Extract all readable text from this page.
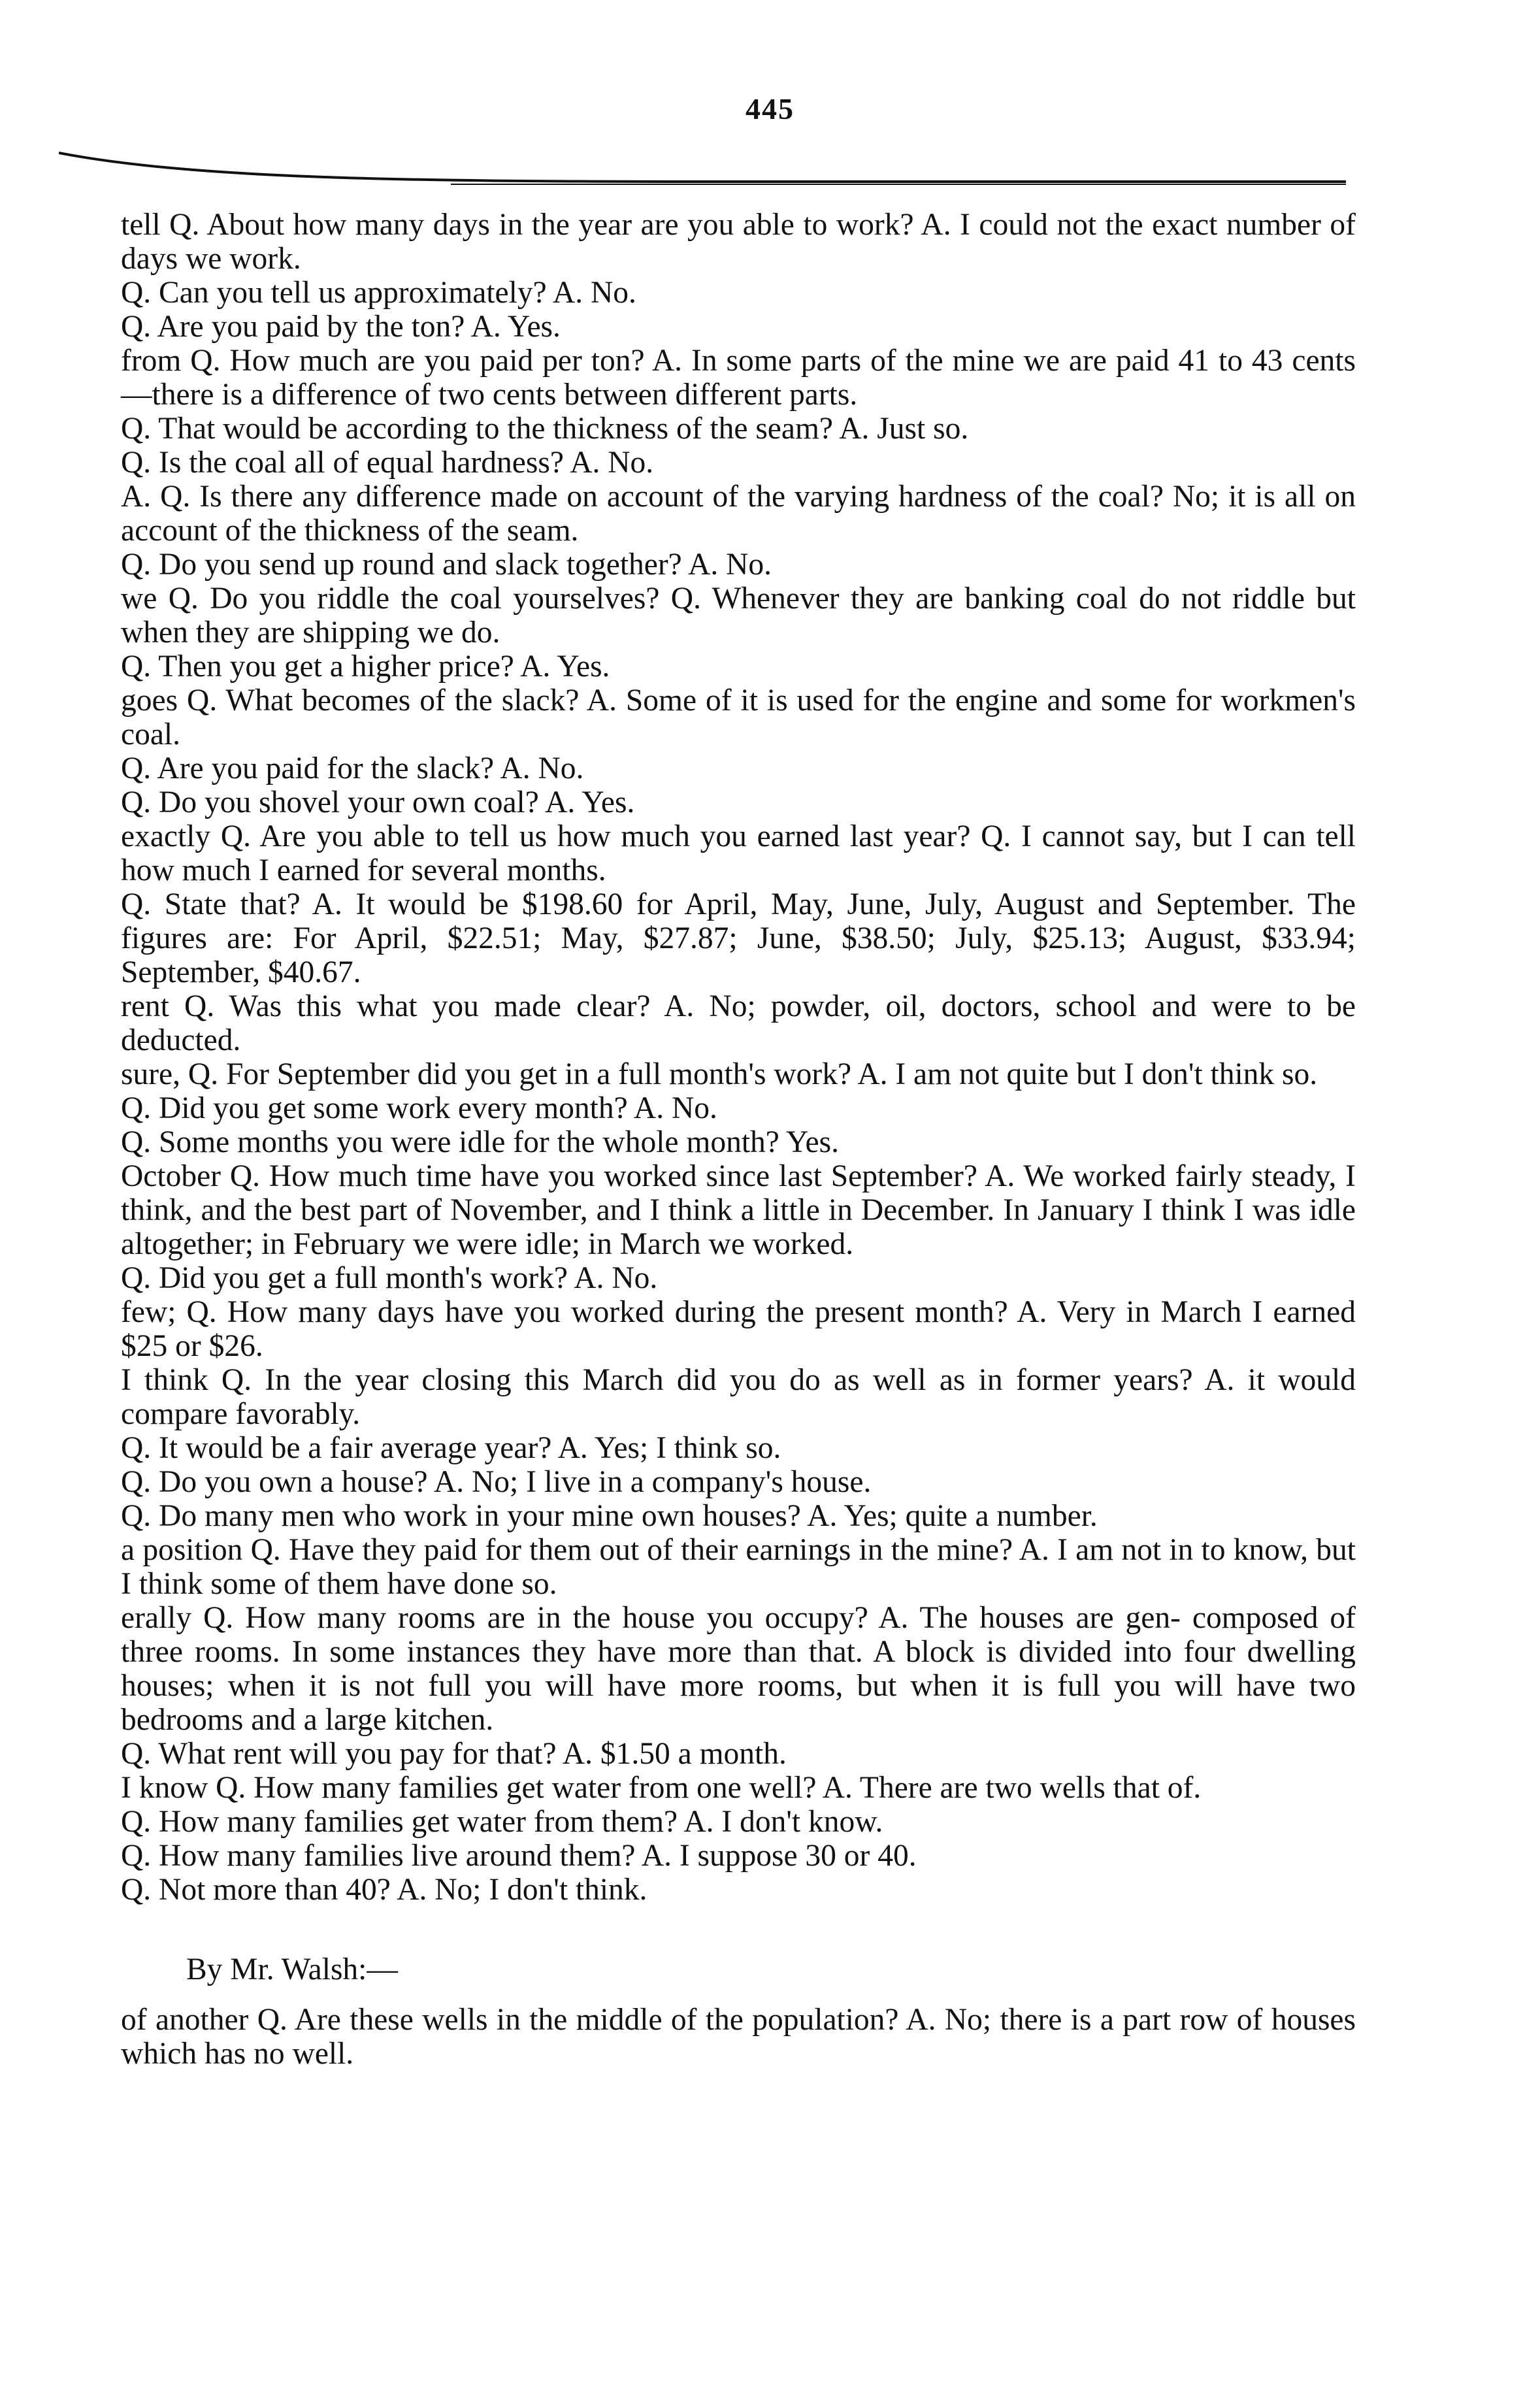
445

tell Q. About how many days in the year are you able to work? A. I could not the exact number of days we work.

Q. Can you tell us approximately? A. No.

Q. Are you paid by the ton? A. Yes.

from Q. How much are you paid per ton? A. In some parts of the mine we are paid 41 to 43 cents—there is a difference of two cents between different parts.

Q. That would be according to the thickness of the seam? A. Just so.

Q. Is the coal all of equal hardness? A. No.

A. Q. Is there any difference made on account of the varying hardness of the coal? No; it is all on account of the thickness of the seam.

Q. Do you send up round and slack together? A. No.

we Q. Do you riddle the coal yourselves? Q. Whenever they are banking coal do not riddle but when they are shipping we do.

Q. Then you get a higher price? A. Yes.

goes Q. What becomes of the slack? A. Some of it is used for the engine and some for workmen's coal.

Q. Are you paid for the slack? A. No.

Q. Do you shovel your own coal? A. Yes.

exactly Q. Are you able to tell us how much you earned last year? Q. I cannot say, but I can tell how much I earned for several months.

Q. State that? A. It would be $198.60 for April, May, June, July, August and September. The figures are: For April, $22.51; May, $27.87; June, $38.50; July, $25.13; August, $33.94; September, $40.67.

rent Q. Was this what you made clear? A. No; powder, oil, doctors, school and were to be deducted.

sure, Q. For September did you get in a full month's work? A. I am not quite but I don't think so.

Q. Did you get some work every month? A. No.

Q. Some months you were idle for the whole month? Yes.

October Q. How much time have you worked since last September? A. We worked fairly steady, I think, and the best part of November, and I think a little in December. In January I think I was idle altogether; in February we were idle; in March we worked.

Q. Did you get a full month's work? A. No.

few; Q. How many days have you worked during the present month? A. Very in March I earned $25 or $26.

I think Q. In the year closing this March did you do as well as in former years? A. it would compare favorably.

Q. It would be a fair average year? A. Yes; I think so.

Q. Do you own a house? A. No; I live in a company's house.

Q. Do many men who work in your mine own houses? A. Yes; quite a number.

a position Q. Have they paid for them out of their earnings in the mine? A. I am not in to know, but I think some of them have done so.

erally Q. How many rooms are in the house you occupy? A. The houses are gen- composed of three rooms. In some instances they have more than that. A block is divided into four dwelling houses; when it is not full you will have more rooms, but when it is full you will have two bedrooms and a large kitchen.

Q. What rent will you pay for that? A. $1.50 a month.

I know Q. How many families get water from one well? A. There are two wells that of.

Q. How many families get water from them? A. I don't know.

Q. How many families live around them? A. I suppose 30 or 40.

Q. Not more than 40? A. No; I don't think.

By Mr. Walsh:—

of another Q. Are these wells in the middle of the population? A. No; there is a part row of houses which has no well.
